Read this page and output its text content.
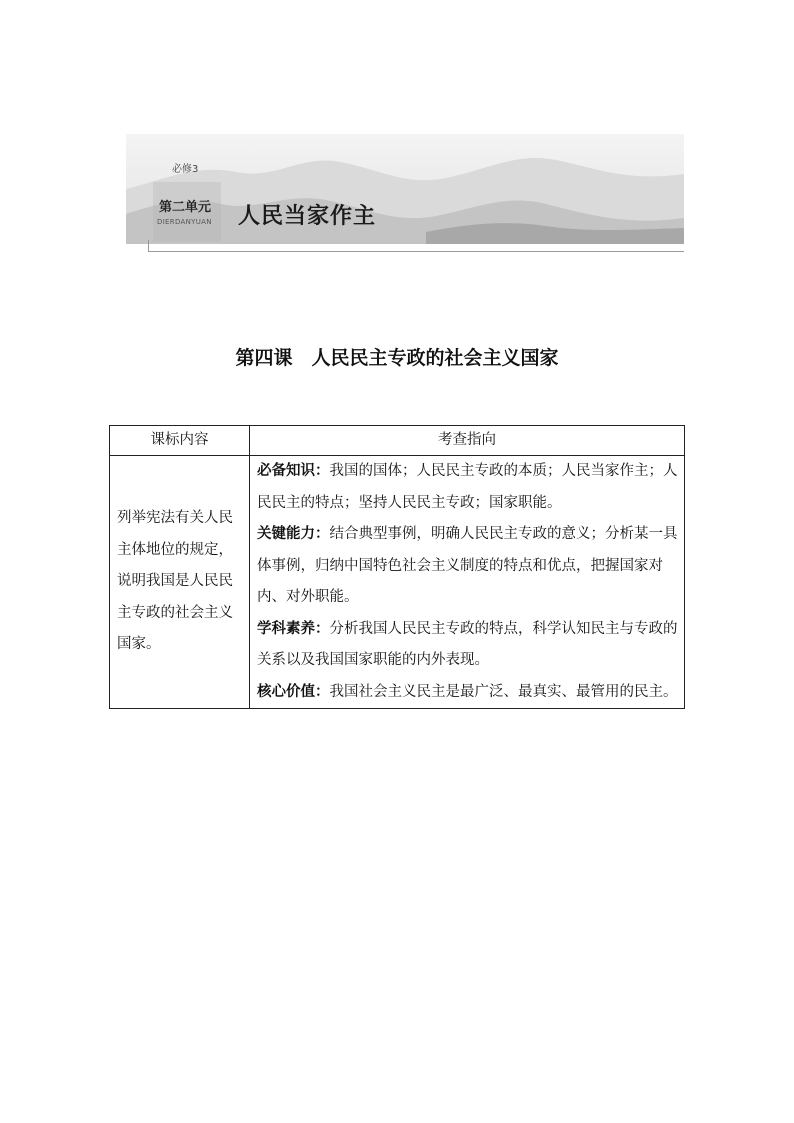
必修3
第二单元
DIERDANYUAN 人民当家作主
第四课　人民民主专政的社会主义国家
课标内容	考查指向
列举宪法有关人民主体地位的规定，说明我国是人民民主专政的社会主义国家。	必备知识：我国的国体；人民民主专政的本质；人民当家作主；人民民主的特点；坚持人民民主专政；国家职能。
关键能力：结合典型事例，明确人民民主专政的意义；分析某一具体事例，归纳中国特色社会主义制度的特点和优点，把握国家对内、对外职能。
学科素养：分析我国人民民主专政的特点，科学认知民主与专政的关系以及我国国家职能的内外表现。
核心价值：我国社会主义民主是最广泛、最真实、最管用的民主。
